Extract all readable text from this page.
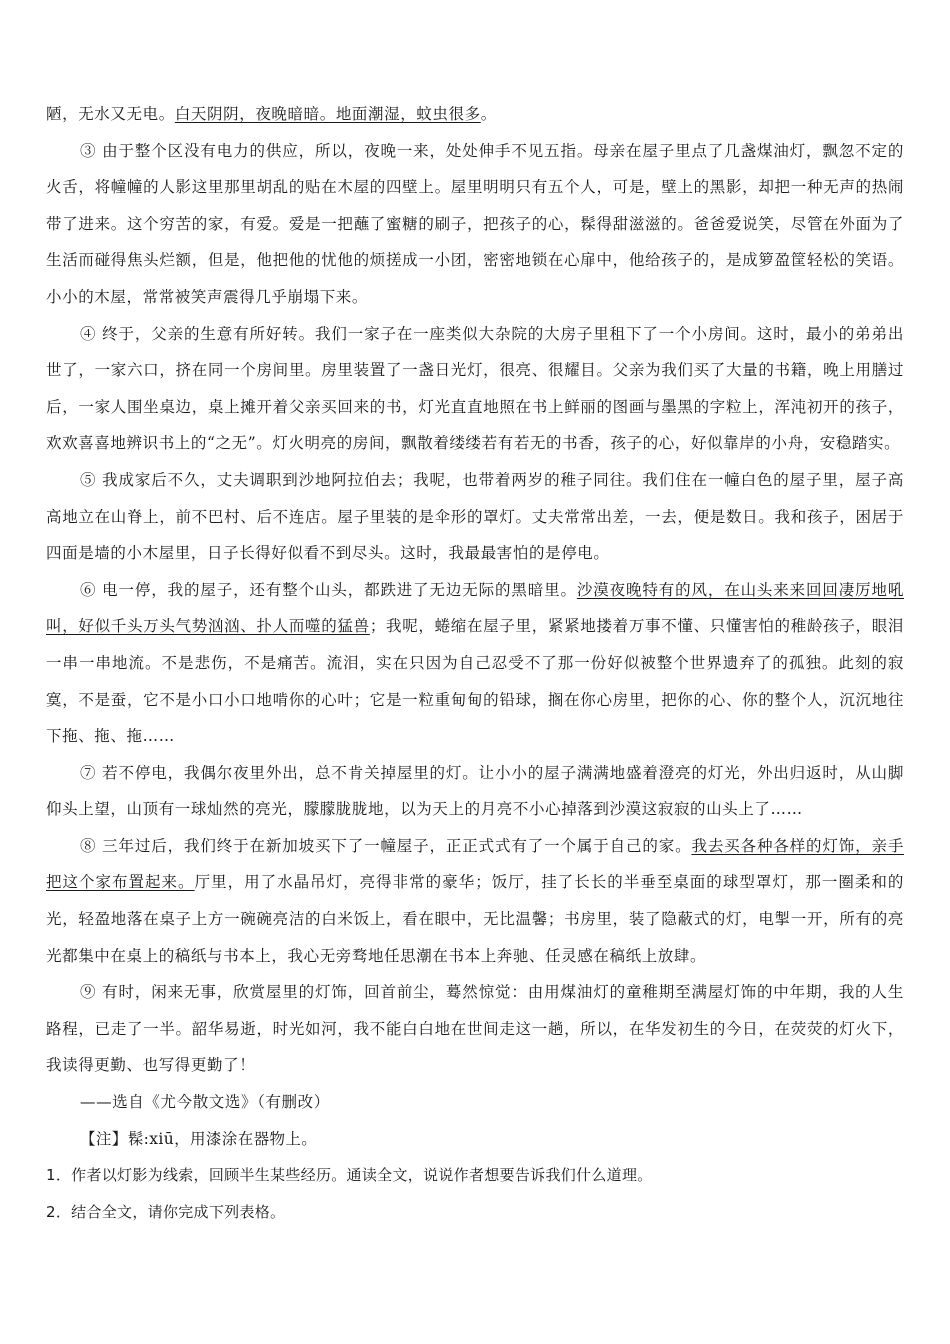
陋，无水又无电。白天阴阴，夜晚暗暗。地面潮湿，蚊虫很多。

③ 由于整个区没有电力的供应，所以，夜晚一来，处处伸手不见五指。母亲在屋子里点了几盏煤油灯，飘忽不定的火舌，将幢幢的人影这里那里胡乱的贴在木屋的四壁上。屋里明明只有五个人，可是，壁上的黑影，却把一种无声的热闹带了进来。这个穷苦的家，有爱。爱是一把蘸了蜜糖的刷子，把孩子的心，髹得甜滋滋的。爸爸爱说笑，尽管在外面为了生活而碰得焦头烂额，但是，他把他的忧他的烦搓成一小团，密密地锁在心扉中，他给孩子的，是成箩盈筐轻松的笑语。小小的木屋，常常被笑声震得几乎崩塌下来。

④ 终于，父亲的生意有所好转。我们一家子在一座类似大杂院的大房子里租下了一个小房间。这时，最小的弟弟出世了，一家六口，挤在同一个房间里。房里装置了一盏日光灯，很亮、很耀目。父亲为我们买了大量的书籍，晚上用膳过后，一家人围坐桌边，桌上摊开着父亲买回来的书，灯光直直地照在书上鲜丽的图画与墨黑的字粒上，浑沌初开的孩子，欢欢喜喜地辨识书上的“之无”。灯火明亮的房间，飘散着缕缕若有若无的书香，孩子的心，好似靠岸的小舟，安稳踏实。

⑤ 我成家后不久，丈夫调职到沙地阿拉伯去；我呢，也带着两岁的稚子同往。我们住在一幢白色的屋子里，屋子高高地立在山脊上，前不巴村、后不连店。屋子里装的是伞形的罩灯。丈夫常常出差，一去，便是数日。我和孩子，困居于四面是墙的小木屋里，日子长得好似看不到尽头。这时，我最最害怕的是停电。

⑥ 电一停，我的屋子，还有整个山头，都跌进了无边无际的黑暗里。沙漠夜晚特有的风，在山头来来回回凄厉地吼叫，好似千头万头气势汹汹、扑人而噬的猛兽；我呢，蜷缩在屋子里，紧紧地搂着万事不懂、只懂害怕的稚龄孩子，眼泪一串一串地流。不是悲伤，不是痛苦。流泪，实在只因为自己忍受不了那一份好似被整个世界遗弃了的孤独。此刻的寂寞，不是蚕，它不是小口小口地啃你的心叶；它是一粒重甸甸的铅球，搁在你心房里，把你的心、你的整个人，沉沉地往下拖、拖、拖……

⑦ 若不停电，我偶尔夜里外出，总不肯关掉屋里的灯。让小小的屋子满满地盛着澄亮的灯光，外出归返时，从山脚仰头上望，山顶有一球灿然的亮光，朦朦胧胧地，以为天上的月亮不小心掉落到沙漠这寂寂的山头上了……

⑧ 三年过后，我们终于在新加坡买下了一幢屋子，正正式式有了一个属于自己的家。我去买各种各样的灯饰，亲手把这个家布置起来。厅里，用了水晶吊灯，亮得非常的豪华；饭厅，挂了长长的半垂至桌面的球型罩灯，那一圈柔和的光，轻盈地落在桌子上方一碗碗亮洁的白米饭上，看在眼中，无比温馨；书房里，装了隐蔽式的灯，电掣一开，所有的亮光都集中在桌上的稿纸与书本上，我心无旁骛地任思潮在书本上奔驰、任灵感在稿纸上放肆。

⑨ 有时，闲来无事，欣赏屋里的灯饰，回首前尘，蓦然惊觉：由用煤油灯的童稚期至满屋灯饰的中年期，我的人生路程，已走了一半。韶华易逝，时光如河，我不能白白地在世间走这一趟，所以，在华发初生的今日，在荧荧的灯火下，我读得更勤、也写得更勤了！

——选自《尤今散文选》（有删改）

【注】髹:xiū，用漆涂在器物上。

1．作者以灯影为线索，回顾半生某些经历。通读全文，说说作者想要告诉我们什么道理。

2．结合全文，请你完成下列表格。
